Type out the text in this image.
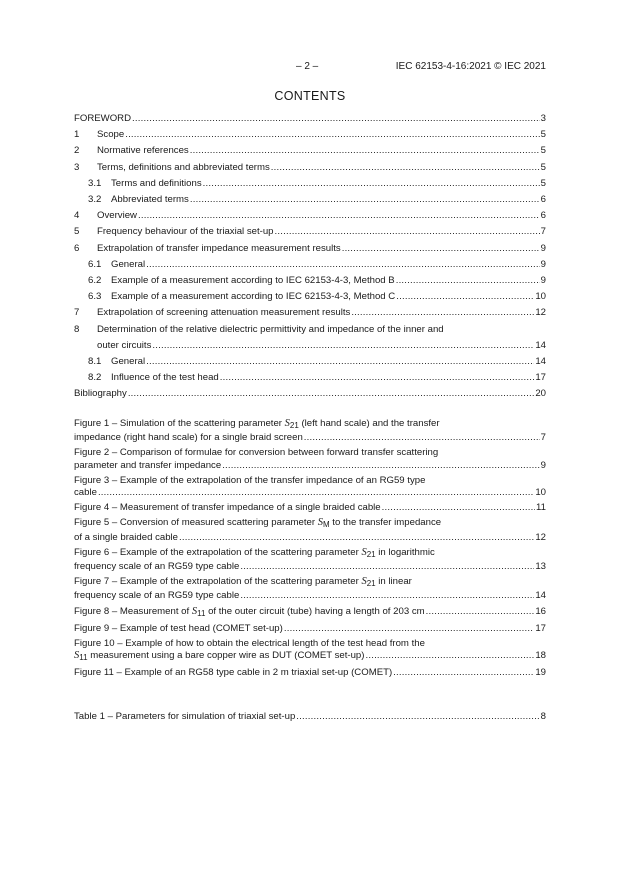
– 2 –	IEC 62153-4-16:2021 © IEC 2021
CONTENTS
FOREWORD .....	3
1	Scope .....	5
2	Normative references .....	5
3	Terms, definitions and abbreviated terms .....	5
3.1	Terms and definitions .....	5
3.2	Abbreviated terms .....	6
4	Overview .....	6
5	Frequency behaviour of the triaxial set-up .....	7
6	Extrapolation of transfer impedance measurement results .....	9
6.1	General .....	9
6.2	Example of a measurement according to IEC 62153-4-3, Method B .....	9
6.3	Example of a measurement according to IEC 62153-4-3, Method C .....	10
7	Extrapolation of screening attenuation measurement results .....	12
8	Determination of the relative dielectric permittivity and impedance of the inner and
outer circuits .....	14
8.1	General .....	14
8.2	Influence of the test head .....	17
Bibliography .....	20
Figure 1 – Simulation of the scattering parameter $S_{21}$ (left hand scale) and the transfer
impedance (right hand scale) for a single braid screen .....	7
Figure 2 – Comparison of formulae for conversion between forward transfer scattering
parameter and transfer impedance .....	9
Figure 3 – Example of the extrapolation of the transfer impedance of an RG59 type
cable .....	10
Figure 4 – Measurement of transfer impedance of a single braided cable .....	11
Figure 5 – Conversion of measured scattering parameter $S_M$ to the transfer impedance
of a single braided cable .....	12
Figure 6 – Example of the extrapolation of the scattering parameter $S_{21}$ in logarithmic
frequency scale of an RG59 type cable .....	13
Figure 7 – Example of the extrapolation of the scattering parameter $S_{21}$ in linear
frequency scale of an RG59 type cable .....	14
Figure 8 – Measurement of $S_{11}$ of the outer circuit (tube) having a length of 203 cm .....	16
Figure 9 – Example of test head (COMET set-up) .....	17
Figure 10 – Example of how to obtain the electrical length of the test head from the
$S_{11}$ measurement using a bare copper wire as DUT (COMET set-up) .....	18
Figure 11 – Example of an RG58 type cable in 2 m triaxial set-up (COMET) .....	19
Table 1 – Parameters for simulation of triaxial set-up .....	8
